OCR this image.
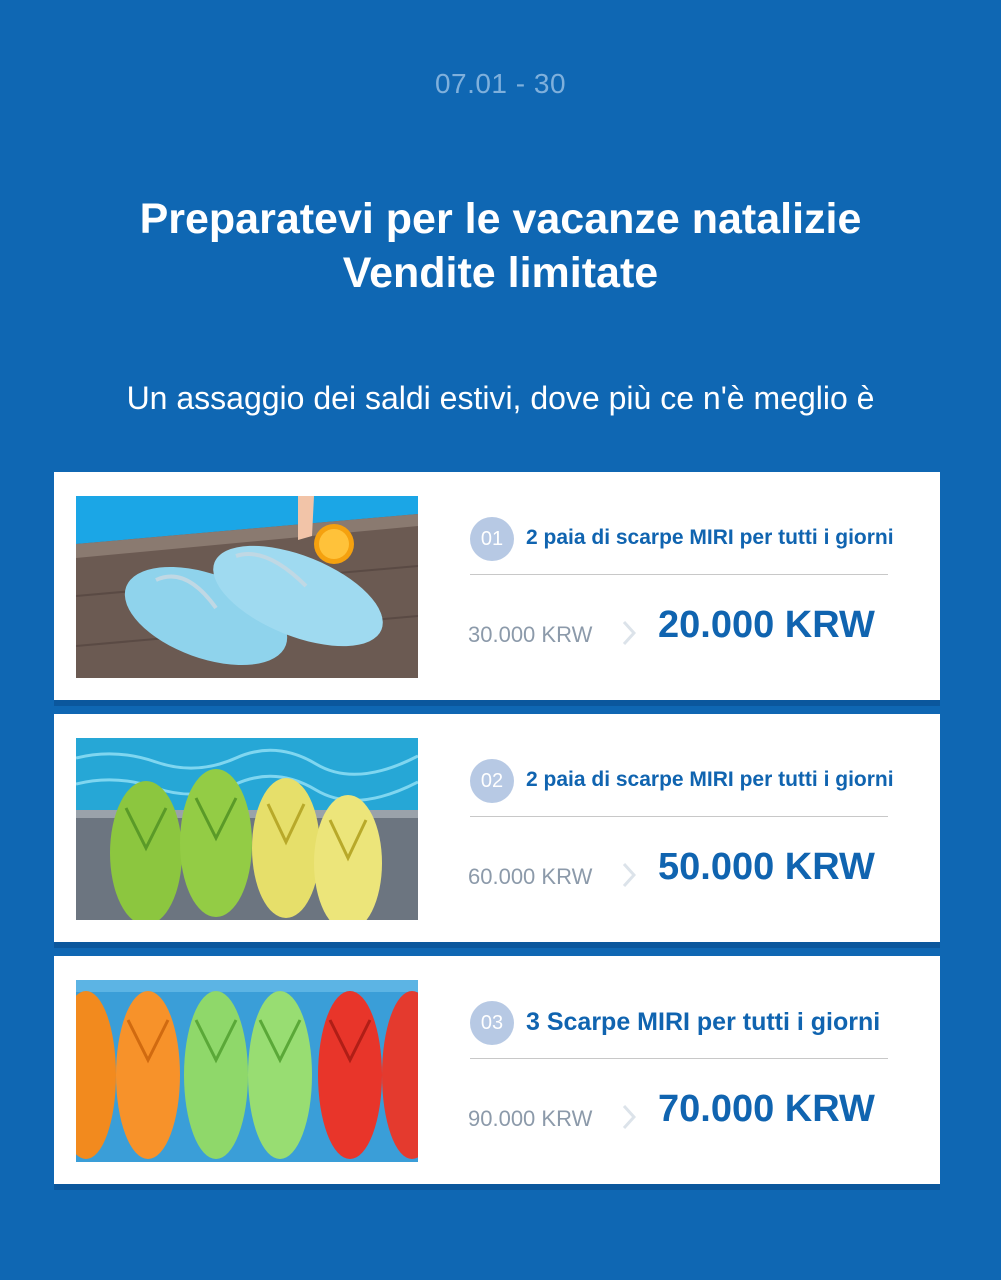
07.01 - 30
Preparatevi per le vacanze natalizie
Vendite limitate
Un assaggio dei saldi estivi, dove più ce n'è meglio è
01	2 paia di scarpe MIRI per tutti i giorni
30.000 KRW 20.000 KRW
02	2 paia di scarpe MIRI per tutti i giorni
60.000 KRW 50.000 KRW
03 3 Scarpe MIRI per tutti i giorni
90.000 KRW 70.000 KRW
